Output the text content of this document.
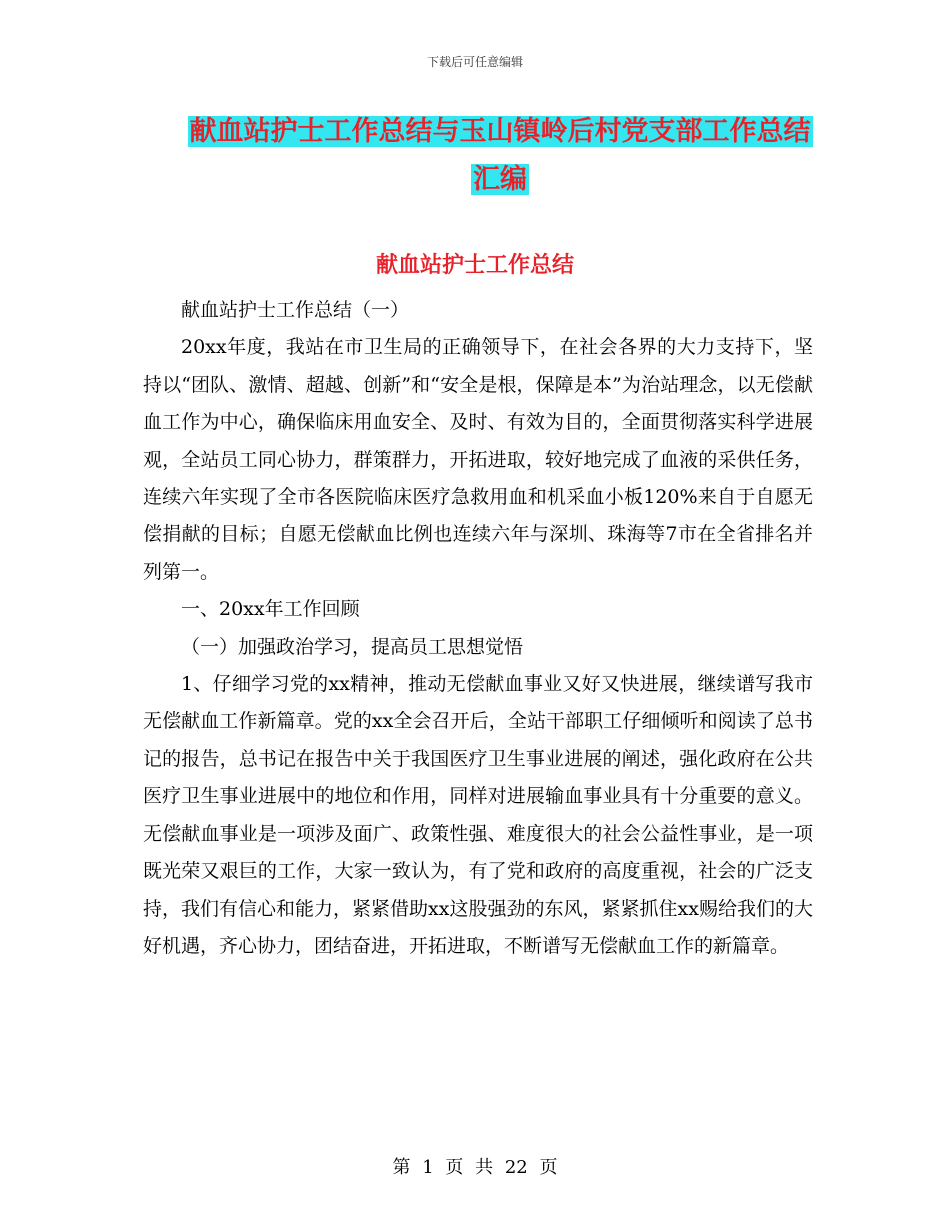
下载后可任意编辑
献血站护士工作总结与玉山镇岭后村党支部工作总结
汇编
献血站护士工作总结

献血站护士工作总结（一）

20xx年度，我站在市卫生局的正确领导下，在社会各界的大力支持下，坚持以“团队、激情、超越、创新”和“安全是根，保障是本”为治站理念，以无偿献血工作为中心，确保临床用血安全、及时、有效为目的，全面贯彻落实科学进展观，全站员工同心协力，群策群力，开拓进取，较好地完成了血液的采供任务，连续六年实现了全市各医院临床医疗急救用血和机采血小板120%来自于自愿无偿捐献的目标；自愿无偿献血比例也连续六年与深圳、珠海等7市在全省排名并列第一。

一、20xx年工作回顾

（一）加强政治学习，提高员工思想觉悟

1、仔细学习党的xx精神，推动无偿献血事业又好又快进展，继续谱写我市无偿献血工作新篇章。党的xx全会召开后，全站干部职工仔细倾听和阅读了总书记的报告，总书记在报告中关于我国医疗卫生事业进展的阐述，强化政府在公共医疗卫生事业进展中的地位和作用，同样对进展输血事业具有十分重要的意义。无偿献血事业是一项涉及面广、政策性强、难度很大的社会公益性事业，是一项既光荣又艰巨的工作，大家一致认为，有了党和政府的高度重视，社会的广泛支持，我们有信心和能力，紧紧借助xx这股强劲的东风，紧紧抓住xx赐给我们的大好机遇，齐心协力，团结奋进，开拓进取，不断谱写无偿献血工作的新篇章。

第 1 页 共 22 页
